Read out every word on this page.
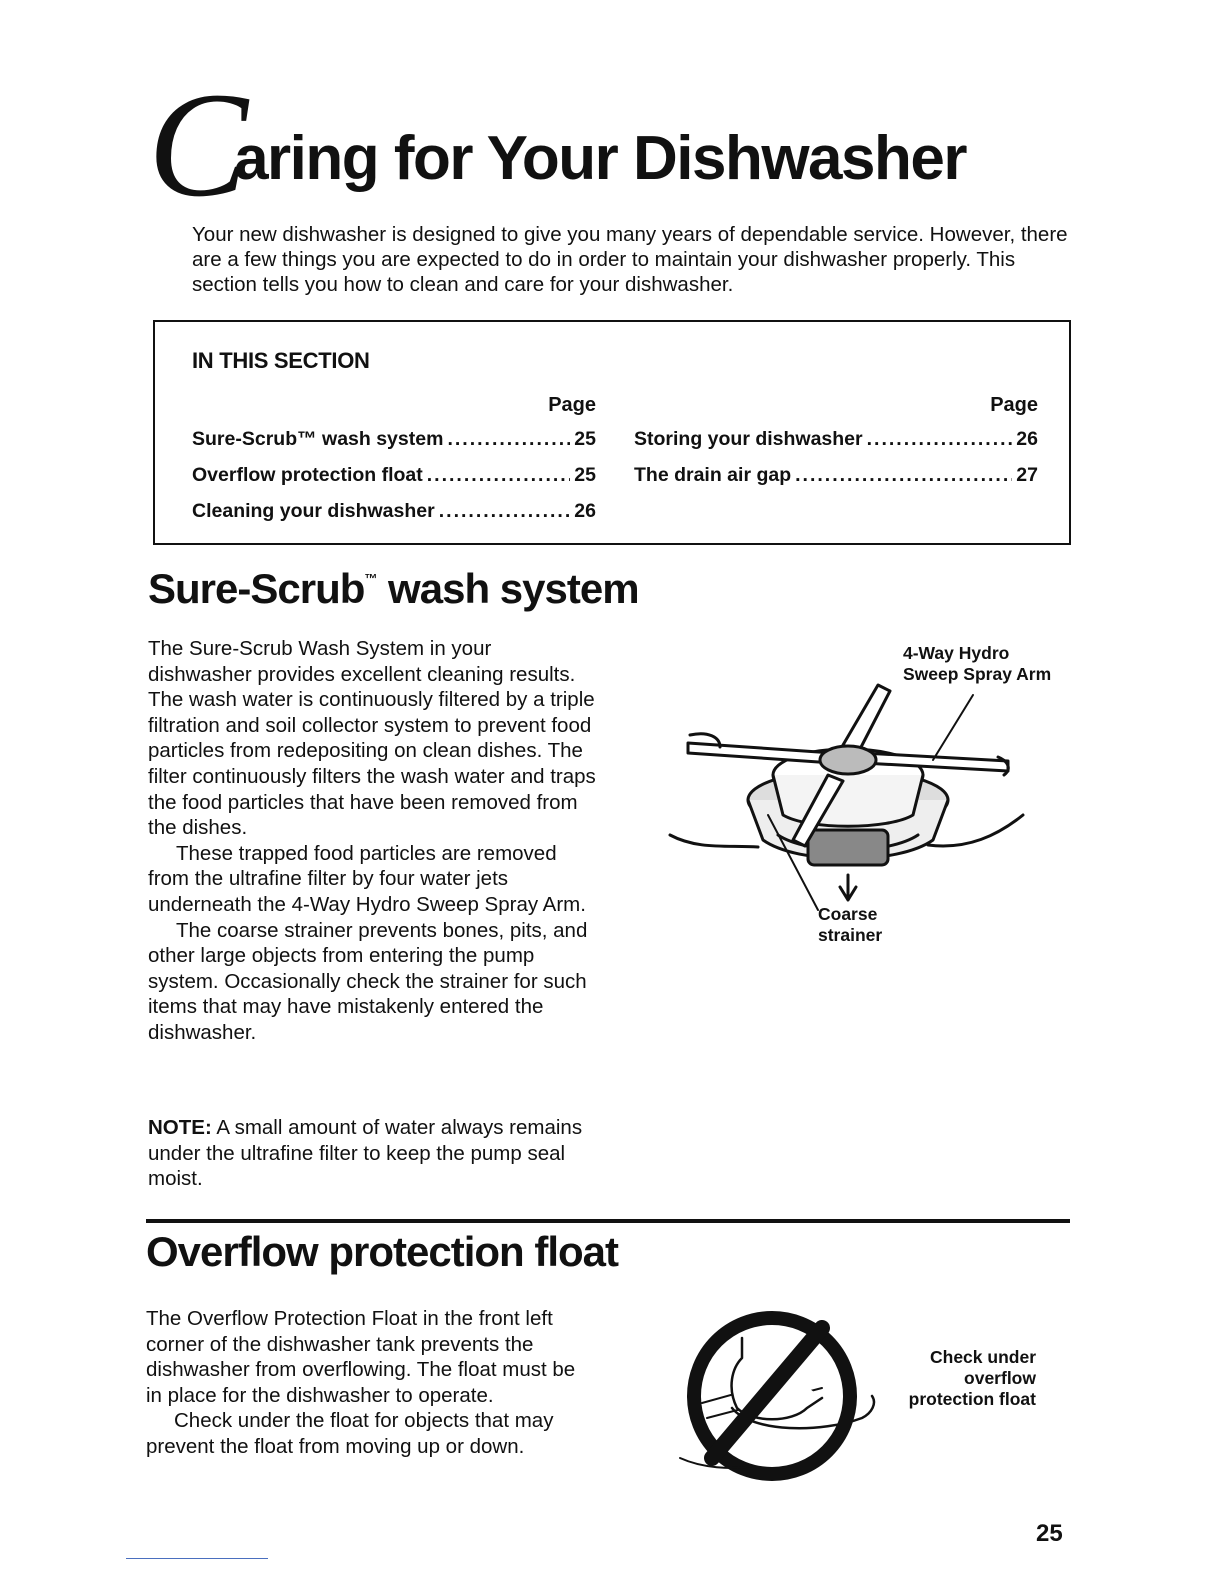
Caring for Your Dishwasher
Your new dishwasher is designed to give you many years of dependable service. However, there are a few things you are expected to do in order to maintain your dishwasher properly. This section tells you how to clean and care for your dishwasher.
IN THIS SECTION
Page
Sure-Scrub™ wash system .....	25
Overflow protection float .....	25
Cleaning your dishwasher .....	26
Page
Storing your dishwasher .....	26
The drain air gap .....	27
Sure-Scrub™ wash system

The Sure-Scrub Wash System in your dishwasher provides excellent cleaning results. The wash water is continuously filtered by a triple filtration and soil collector system to prevent food particles from redepositing on clean dishes. The filter continuously filters the wash water and traps the food particles that have been removed from the dishes.

These trapped food particles are removed from the ultrafine filter by four water jets underneath the 4-Way Hydro Sweep Spray Arm.

The coarse strainer prevents bones, pits, and other large objects from entering the pump system. Occasionally check the strainer for such items that may have mistakenly entered the dishwasher.

NOTE: A small amount of water always remains under the ultrafine filter to keep the pump seal moist.
4-Way Hydro
Sweep Spray Arm
Coarse
strainer
Overflow protection float

The Overflow Protection Float in the front left corner of the dishwasher tank prevents the dishwasher from overflowing. The float must be in place for the dishwasher to operate.

Check under the float for objects that may prevent the float from moving up or down.

Check under
overflow
protection float
25
